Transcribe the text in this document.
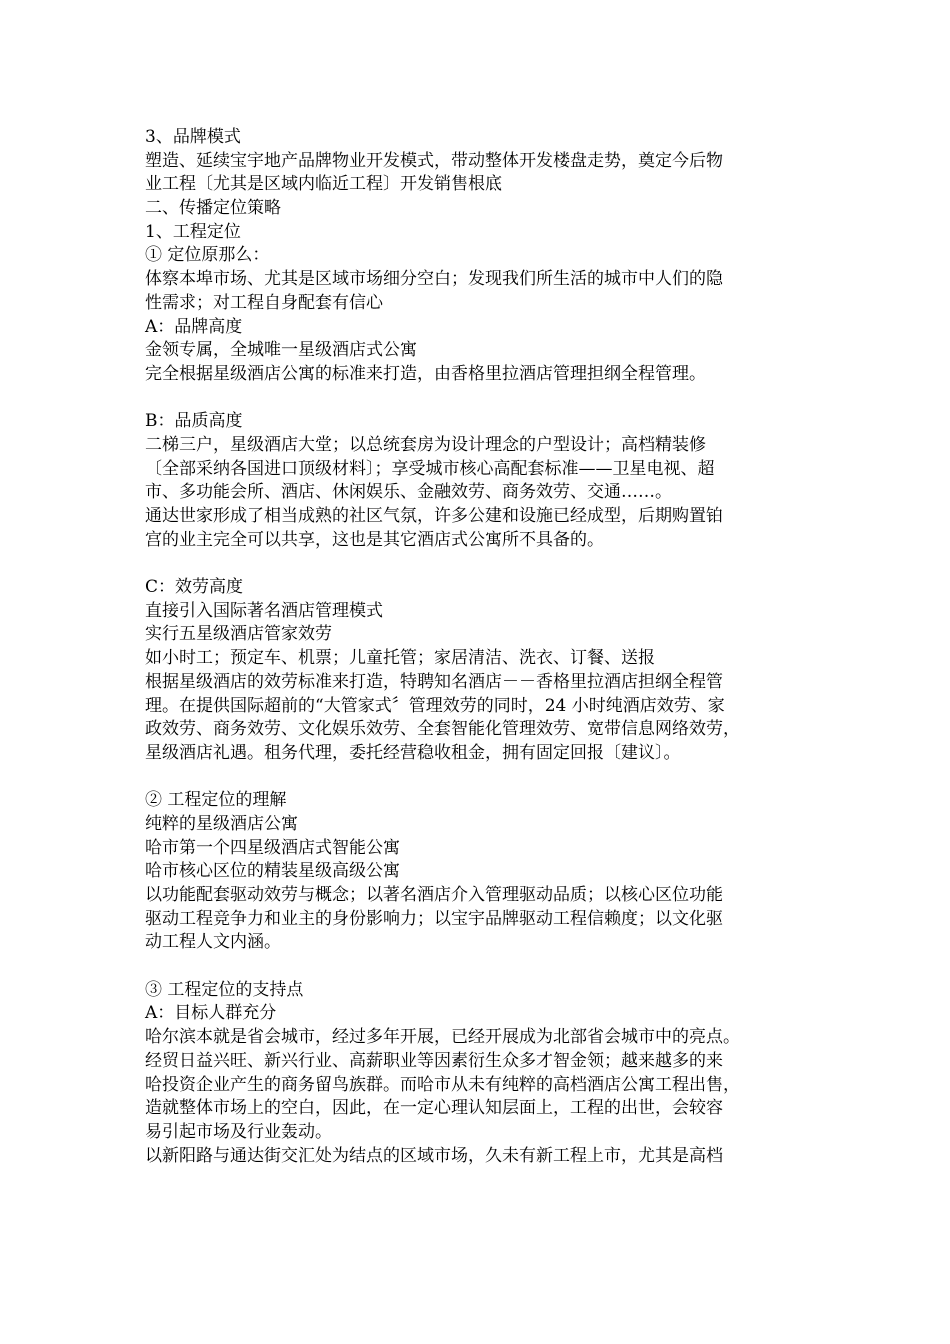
3、品牌模式
塑造、延续宝宇地产品牌物业开发模式，带动整体开发楼盘走势，奠定今后物
业工程〔尤其是区域内临近工程〕开发销售根底
二、传播定位策略
1、工程定位
① 定位原那么：
体察本埠市场、尤其是区域市场细分空白；发现我们所生活的城市中人们的隐
性需求；对工程自身配套有信心
A：品牌高度
金领专属，全城唯一星级酒店式公寓
完全根据星级酒店公寓的标准来打造，由香格里拉酒店管理担纲全程管理。
B：品质高度
二梯三户，星级酒店大堂；以总统套房为设计理念的户型设计；高档精装修
〔全部采纳各国进口顶级材料〕；享受城市核心高配套标准——卫星电视、超
市、多功能会所、酒店、休闲娱乐、金融效劳、商务效劳、交通……。
通达世家形成了相当成熟的社区气氛，许多公建和设施已经成型，后期购置铂
宫的业主完全可以共享，这也是其它酒店式公寓所不具备的。
C：效劳高度
直接引入国际著名酒店管理模式
实行五星级酒店管家效劳
如小时工；预定车、机票；儿童托管；家居清洁、洗衣、订餐、送报
根据星级酒店的效劳标准来打造，特聘知名酒店－－香格里拉酒店担纲全程管
理。在提供国际超前的“大管家式〞管理效劳的同时，24 小时纯酒店效劳、家
政效劳、商务效劳、文化娱乐效劳、全套智能化管理效劳、宽带信息网络效劳，
星级酒店礼遇。租务代理，委托经营稳收租金，拥有固定回报〔建议〕。
② 工程定位的理解
纯粹的星级酒店公寓
哈市第一个四星级酒店式智能公寓
哈市核心区位的精装星级高级公寓
以功能配套驱动效劳与概念；以著名酒店介入管理驱动品质；以核心区位功能
驱动工程竞争力和业主的身份影响力；以宝宇品牌驱动工程信赖度；以文化驱
动工程人文内涵。
③ 工程定位的支持点
A：目标人群充分
哈尔滨本就是省会城市，经过多年开展，已经开展成为北部省会城市中的亮点。
经贸日益兴旺、新兴行业、高薪职业等因素衍生众多才智金领；越来越多的来
哈投资企业产生的商务留鸟族群。而哈市从未有纯粹的高档酒店公寓工程出售，
造就整体市场上的空白，因此，在一定心理认知层面上，工程的出世，会较容
易引起市场及行业轰动。
以新阳路与通达街交汇处为结点的区域市场，久未有新工程上市，尤其是高档
